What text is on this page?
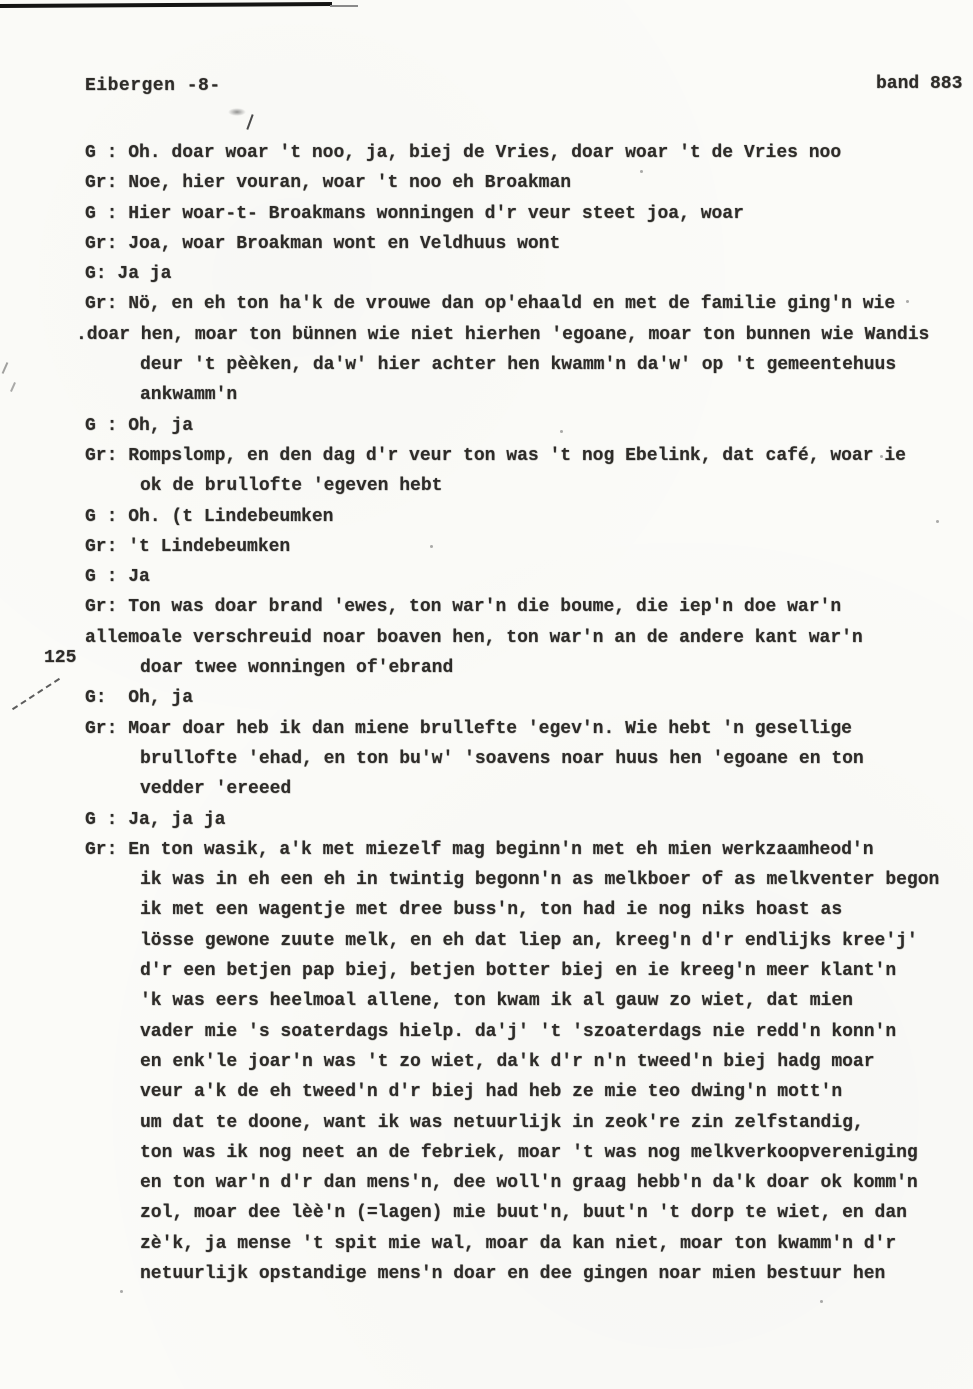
Eibergen -8-	band 883
125
G : Oh. doar woar 't noo, ja, biej de Vries, doar woar 't de Vries noo
Gr: Noe, hier vouran, woar 't noo eh Broakman
G : Hier woar-t- Broakmans wonningen d'r veur steet joa, woar
Gr: Joa, woar Broakman wont en Veldhuus wont
G: Ja ja
Gr: Nö, en eh ton ha'k de vrouwe dan op'ehaald en met de familie ging'n wie
.doar hen, moar ton bünnen wie niet hierhen 'egoane, moar ton bunnen wie Wandis
deur 't pèèken, da'w' hier achter hen kwamm'n da'w' op 't gemeentehuus
ankwamm'n
G : Oh, ja
Gr: Rompslomp, en den dag d'r veur ton was 't nog Ebelink, dat café, woar ie
ok de brullofte 'egeven hebt
G : Oh. (t Lindebeumken
Gr: 't Lindebeumken
G : Ja
Gr: Ton was doar brand 'ewes, ton war'n die boume, die iep'n doe war'n
allemoale verschreuid noar boaven hen, ton war'n an de andere kant war'n
doar twee wonningen of'ebrand
G:  Oh, ja
Gr: Moar doar heb ik dan miene brullefte 'egev'n. Wie hebt 'n gesellige
brullofte 'ehad, en ton bu'w' 'soavens noar huus hen 'egoane en ton
vedder 'ereeed
G : Ja, ja ja
Gr: En ton wasik, a'k met miezelf mag beginn'n met eh mien werkzaamheod'n
ik was in eh een eh in twintig begonn'n as melkboer of as melkventer begon
ik met een wagentje met dree buss'n, ton had ie nog niks hoast as
lösse gewone zuute melk, en eh dat liep an, kreeg'n d'r endlijks kree'j'
d'r een betjen pap biej, betjen botter biej en ie kreeg'n meer klant'n
'k was eers heelmoal allene, ton kwam ik al gauw zo wiet, dat mien
vader mie 's soaterdags hielp. da'j' 't 'szoaterdags nie redd'n konn'n
en enk'le joar'n was 't zo wiet, da'k d'r n'n tweed'n biej hadg moar
veur a'k de eh tweed'n d'r biej had heb ze mie teo dwing'n mott'n
um dat te doone, want ik was netuurlijk in zeok're zin zelfstandig,
ton was ik nog neet an de febriek, moar 't was nog melkverkoopvereniging
en ton war'n d'r dan mens'n, dee woll'n graag hebb'n da'k doar ok komm'n
zol, moar dee lèè'n (=lagen) mie buut'n, buut'n 't dorp te wiet, en dan
zè'k, ja mense 't spit mie wal, moar da kan niet, moar ton kwamm'n d'r
netuurlijk opstandige mens'n doar en dee gingen noar mien bestuur hen
